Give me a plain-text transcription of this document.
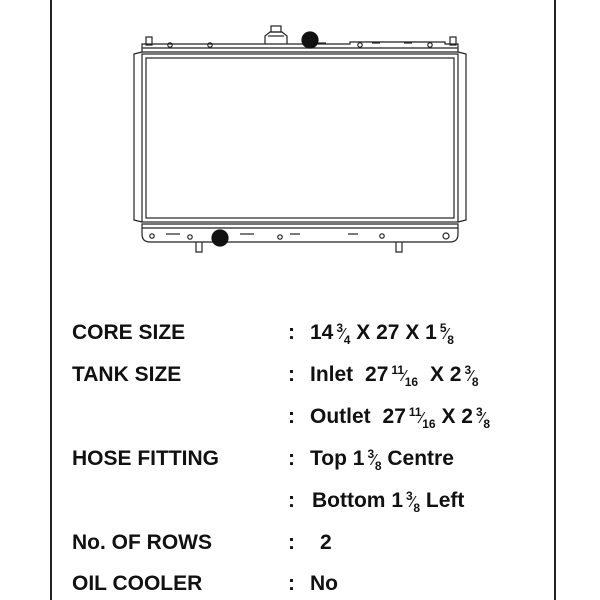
CORE SIZE	: 14 $^3⁄_4$ X 27 X 1 $^5⁄_8$
TANK SIZE	: Inlet 27 $^{11}⁄_{16}$ X 2 $^3⁄_8$
: Outlet 27 $^{11}⁄_{16}$ X 2 $^3⁄_8$
HOSE FITTING	: Top 1 $^3⁄_8$ Centre
: Bottom 1 $^3⁄_8$ Left
No. OF ROWS	: 2
OIL COOLER	: No
